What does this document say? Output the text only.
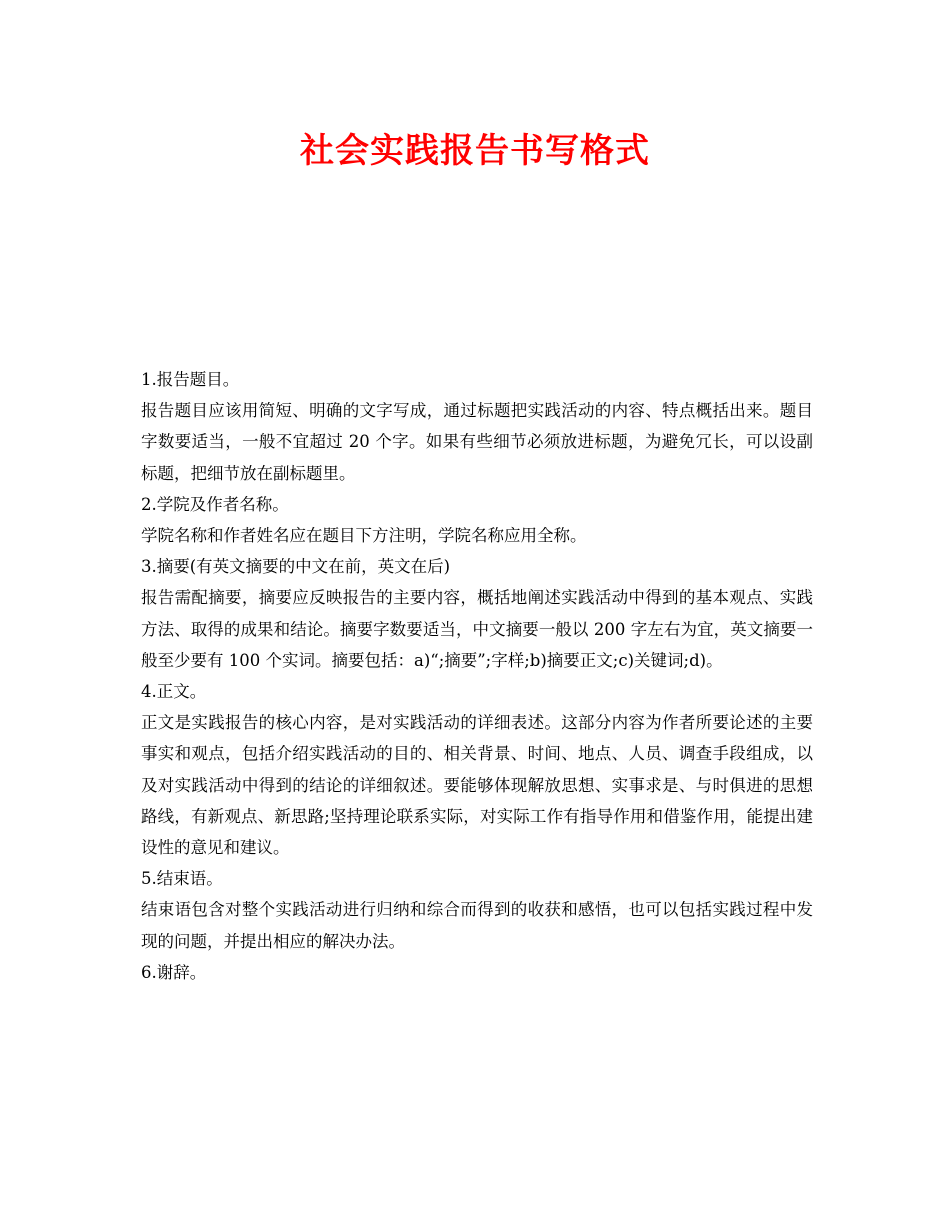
社会实践报告书写格式

1.报告题目。

报告题目应该用简短、明确的文字写成，通过标题把实践活动的内容、特点概括出来。题目字数要适当，一般不宜超过 20 个字。如果有些细节必须放进标题，为避免冗长，可以设副标题，把细节放在副标题里。

2.学院及作者名称。

学院名称和作者姓名应在题目下方注明，学院名称应用全称。

3.摘要(有英文摘要的中文在前，英文在后)

报告需配摘要，摘要应反映报告的主要内容，概括地阐述实践活动中得到的基本观点、实践方法、取得的成果和结论。摘要字数要适当，中文摘要一般以 200 字左右为宜，英文摘要一般至少要有 100 个实词。摘要包括：a)“;摘要”;字样;b)摘要正文;c)关键词;d)。

4.正文。

正文是实践报告的核心内容，是对实践活动的详细表述。这部分内容为作者所要论述的主要事实和观点，包括介绍实践活动的目的、相关背景、时间、地点、人员、调查手段组成，以及对实践活动中得到的结论的详细叙述。要能够体现解放思想、实事求是、与时俱进的思想路线，有新观点、新思路;坚持理论联系实际，对实际工作有指导作用和借鉴作用，能提出建设性的意见和建议。

5.结束语。

结束语包含对整个实践活动进行归纳和综合而得到的收获和感悟，也可以包括实践过程中发现的问题，并提出相应的解决办法。

6.谢辞。
